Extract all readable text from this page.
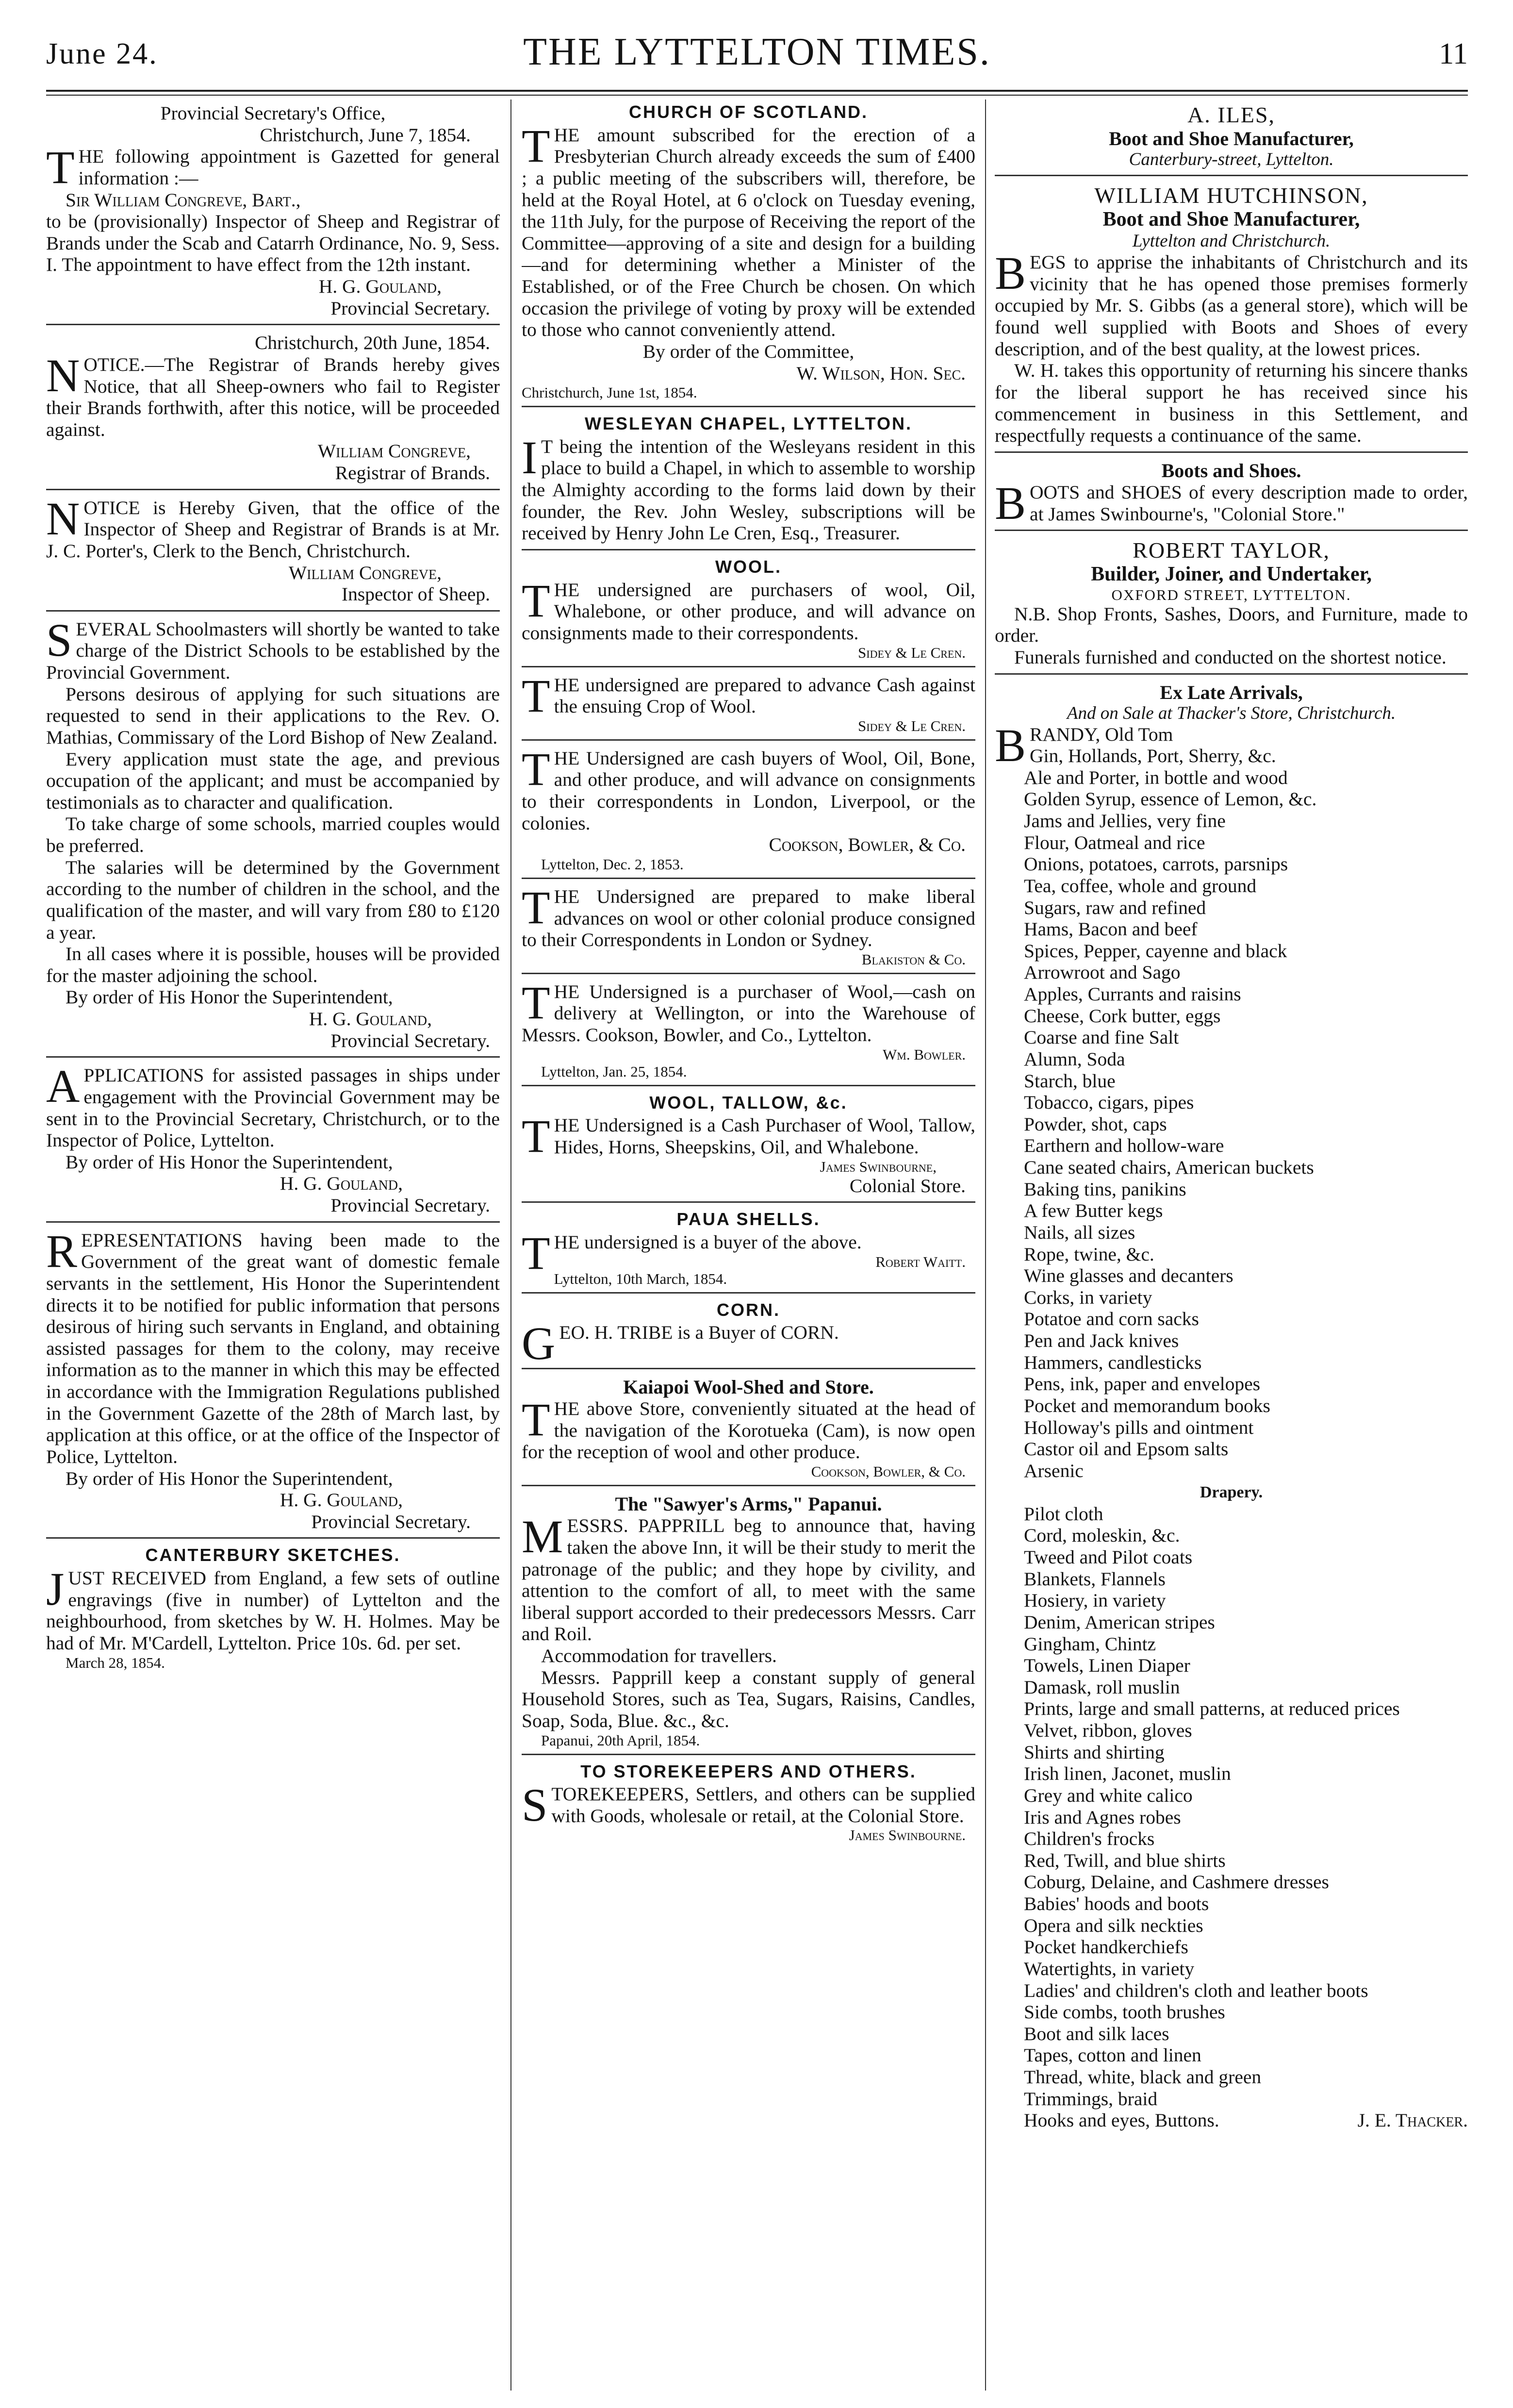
June 24.	THE LYTTELTON TIMES.	11

Provincial Secretary's Office,

Christchurch, June 7, 1854.

THE following appointment is Gazetted for general information :—

Sir William Congreve, Bart.,

to be (provisionally) Inspector of Sheep and Registrar of Brands under the Scab and Catarrh Ordinance, No. 9, Sess. I. The appointment to have effect from the 12th instant.

H. G. Gouland,

Provincial Secretary.

Christchurch, 20th June, 1854.

NOTICE.—The Registrar of Brands hereby gives Notice, that all Sheep-owners who fail to Register their Brands forthwith, after this notice, will be proceeded against.

William Congreve,

Registrar of Brands.

NOTICE is Hereby Given, that the office of the Inspector of Sheep and Registrar of Brands is at Mr. J. C. Porter's, Clerk to the Bench, Christchurch.

William Congreve,

Inspector of Sheep.

SEVERAL Schoolmasters will shortly be wanted to take charge of the District Schools to be established by the Provincial Government.

Persons desirous of applying for such situations are requested to send in their applications to the Rev. O. Mathias, Commissary of the Lord Bishop of New Zealand.

Every application must state the age, and previous occupation of the applicant; and must be accompanied by testimonials as to character and qualification.

To take charge of some schools, married couples would be preferred.

The salaries will be determined by the Government according to the number of children in the school, and the qualification of the master, and will vary from £80 to £120 a year.

In all cases where it is possible, houses will be provided for the master adjoining the school.

By order of His Honor the Superintendent,

H. G. Gouland,

Provincial Secretary.

APPLICATIONS for assisted passages in ships under engagement with the Provincial Government may be sent in to the Provincial Secretary, Christchurch, or to the Inspector of Police, Lyttelton.

By order of His Honor the Superintendent,

H. G. Gouland,

Provincial Secretary.

REPRESENTATIONS having been made to the Government of the great want of domestic female servants in the settlement, His Honor the Superintendent directs it to be notified for public information that persons desirous of hiring such servants in England, and obtaining assisted passages for them to the colony, may receive information as to the manner in which this may be effected in accordance with the Immigration Regulations published in the Government Gazette of the 28th of March last, by application at this office, or at the office of the Inspector of Police, Lyttelton.

By order of His Honor the Superintendent,

H. G. Gouland,

Provincial Secretary.

CANTERBURY SKETCHES.

JUST RECEIVED from England, a few sets of outline engravings (five in number) of Lyttelton and the neighbourhood, from sketches by W. H. Holmes. May be had of Mr. M'Cardell, Lyttelton. Price 10s. 6d. per set.

March 28, 1854.

CHURCH OF SCOTLAND.

THE amount subscribed for the erection of a Presbyterian Church already exceeds the sum of £400 ; a public meeting of the subscribers will, therefore, be held at the Royal Hotel, at 6 o'clock on Tuesday evening, the 11th July, for the purpose of Receiving the report of the Committee—approving of a site and design for a building—and for determining whether a Minister of the Established, or of the Free Church be chosen. On which occasion the privilege of voting by proxy will be extended to those who cannot conveniently attend.

By order of the Committee,

W. Wilson, Hon. Sec.

Christchurch, June 1st, 1854.

WESLEYAN CHAPEL, LYTTELTON.

I T being the intention of the Wesleyans resident in this place to build a Chapel, in which to assemble to worship the Almighty according to the forms laid down by their founder, the Rev. John Wesley, subscriptions will be received by Henry John Le Cren, Esq., Treasurer.

WOOL.

THE undersigned are purchasers of wool, Oil, Whalebone, or other produce, and will advance on consignments made to their correspondents.

Sidey & Le Cren.

THE undersigned are prepared to advance Cash against the ensuing Crop of Wool.

Sidey & Le Cren.

THE Undersigned are cash buyers of Wool, Oil, Bone, and other produce, and will advance on consignments to their correspondents in London, Liverpool, or the colonies.

Cookson, Bowler, & Co.

Lyttelton, Dec. 2, 1853.

THE Undersigned are prepared to make liberal advances on wool or other colonial produce consigned to their Correspondents in London or Sydney.

Blakiston & Co.

THE Undersigned is a purchaser of Wool,—cash on delivery at Wellington, or into the Warehouse of Messrs. Cookson, Bowler, and Co., Lyttelton.

Wm. Bowler.

Lyttelton, Jan. 25, 1854.

WOOL, TALLOW, &c.

THE Undersigned is a Cash Purchaser of Wool, Tallow, Hides, Horns, Sheepskins, Oil, and Whalebone.

James Swinbourne,

Colonial Store.

PAUA SHELLS.

THE undersigned is a buyer of the above.

Robert Waitt.

Lyttelton, 10th March, 1854.

CORN.

GEO. H. TRIBE is a Buyer of CORN.

Kaiapoi Wool-Shed and Store.

THE above Store, conveniently situated at the head of the navigation of the Korotueka (Cam), is now open for the reception of wool and other produce.

Cookson, Bowler, & Co.

The "Sawyer's Arms," Papanui.

MESSRS. PAPPRILL beg to announce that, having taken the above Inn, it will be their study to merit the patronage of the public; and they hope by civility, and attention to the comfort of all, to meet with the same liberal support accorded to their predecessors Messrs. Carr and Roil.

Accommodation for travellers.

Messrs. Papprill keep a constant supply of general Household Stores, such as Tea, Sugars, Raisins, Candles, Soap, Soda, Blue. &c., &c.

Papanui, 20th April, 1854.

TO STOREKEEPERS AND OTHERS.

STOREKEEPERS, Settlers, and others can be supplied with Goods, wholesale or retail, at the Colonial Store.

James Swinbourne.

A. ILES,

Boot and Shoe Manufacturer,

Canterbury-street, Lyttelton.

WILLIAM HUTCHINSON,

Boot and Shoe Manufacturer,

Lyttelton and Christchurch.

BEGS to apprise the inhabitants of Christchurch and its vicinity that he has opened those premises formerly occupied by Mr. S. Gibbs (as a general store), which will be found well supplied with Boots and Shoes of every description, and of the best quality, at the lowest prices.

W. H. takes this opportunity of returning his sincere thanks for the liberal support he has received since his commencement in business in this Settlement, and respectfully requests a continuance of the same.

Boots and Shoes.

BOOTS and SHOES of every description made to order, at James Swinbourne's, "Colonial Store."

ROBERT TAYLOR,

Builder, Joiner, and Undertaker,

OXFORD STREET, LYTTELTON.

N.B. Shop Fronts, Sashes, Doors, and Furniture, made to order.

Funerals furnished and conducted on the shortest notice.

Ex Late Arrivals,

And on Sale at Thacker's Store, Christchurch.

BRANDY, Old Tom

Gin, Hollands, Port, Sherry, &c.
Ale and Porter, in bottle and wood
Golden Syrup, essence of Lemon, &c.
Jams and Jellies, very fine
Flour, Oatmeal and rice
Onions, potatoes, carrots, parsnips
Tea, coffee, whole and ground
Sugars, raw and refined
Hams, Bacon and beef
Spices, Pepper, cayenne and black
Arrowroot and Sago
Apples, Currants and raisins
Cheese, Cork butter, eggs
Coarse and fine Salt
Alumn, Soda
Starch, blue
Tobacco, cigars, pipes
Powder, shot, caps
Earthern and hollow-ware
Cane seated chairs, American buckets
Baking tins, panikins
A few Butter kegs
Nails, all sizes
Rope, twine, &c.
Wine glasses and decanters
Corks, in variety
Potatoe and corn sacks
Pen and Jack knives
Hammers, candlesticks
Pens, ink, paper and envelopes
Pocket and memorandum books
Holloway's pills and ointment
Castor oil and Epsom salts
Arsenic

Drapery.

Pilot cloth
Cord, moleskin, &c.
Tweed and Pilot coats
Blankets, Flannels
Hosiery, in variety
Denim, American stripes
Gingham, Chintz
Towels, Linen Diaper
Damask, roll muslin
Prints, large and small patterns, at reduced prices
Velvet, ribbon, gloves
Shirts and shirting
Irish linen, Jaconet, muslin
Grey and white calico
Iris and Agnes robes
Children's frocks
Red, Twill, and blue shirts
Coburg, Delaine, and Cashmere dresses
Babies' hoods and boots
Opera and silk neckties
Pocket handkerchiefs
Watertights, in variety
Ladies' and children's cloth and leather boots
Side combs, tooth brushes
Boot and silk laces
Tapes, cotton and linen
Thread, white, black and green
Trimmings, braid
Hooks and eyes, Buttons.	J. E. Thacker.
